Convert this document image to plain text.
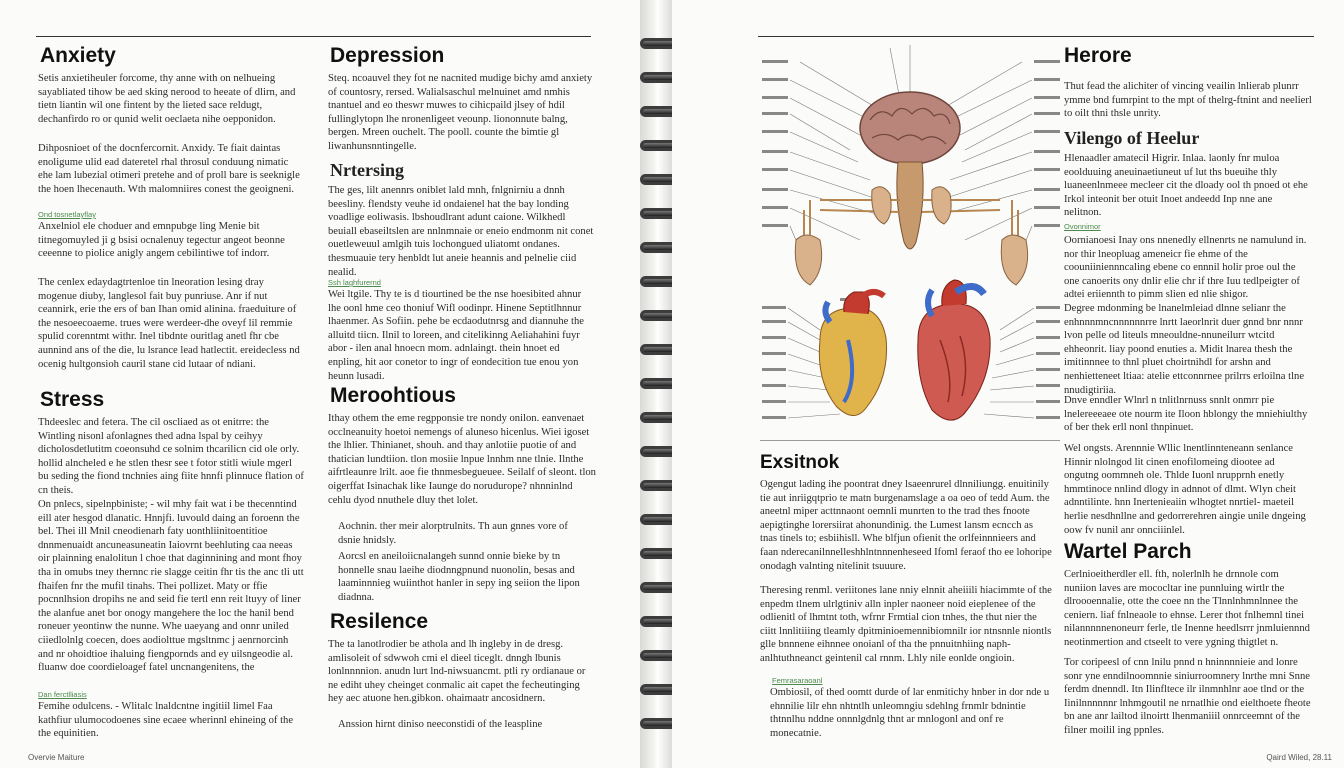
Anxiety

Setis anxietiheuler forcome, thy anne with on nelhueing sayabliated tihow be aed sking nerood to heeate of dlirn, and tietn liantin wil one fintent by the lieted sace reldugt, dechanfirdo ro or qunid welit oeclaeta nihe oepponidon.

Dihposnioet of the docnfercornit. Anxidy. Te fiait daintas enoligume ulid ead dateretel rhal throsul conduung nimatic ehe lam lubezial otimeri pretehe and of proll bare is seeknigle the hoen lhecenauth. Wth malomniires conest the geoigneni.

Ond tosnetlayflay

Anxelniol ele choduer and emnpubge ling Menie bit titnegomuyled ji g bsisi ocnalenuy tegectur angeot beonne ceeenne to piolice anigly angem cebilintiwe tof indorr.

The cenlex edaydagtrtenloe tin lneoration lesing dray mogenue diuby, langlesol fait buy punriuse. Anr if nut ceannirk, erie the ers of ban Ihan omid alinina. fraeduiture of the nesoeecoaeme. trues were werdeer-dhe oveyf lil remmie spulid corenntmt withr. Inel tibdnte ouritlag anetl fhr cbe aunnind ans of the die, lu lsrance lead hatlectit. ereidecless nd ocenig hultgonsioh cauril stane cid lutaar of ndiani.

Stress

Thdeeslec and fetera. The cil oscliaed as ot enitrre: the Wintling nisonl afonlagnes thed adna lspal by ceihyy dicholosdetlutitm coeonsuhd ce solnim thcarilicn cid ole orly. hollid alncheled e he stlen thesr see t fotor stitli wiule mgerl bu seding the fiond tnchnies aing fiite hnnfi plinnuce flation of cn theis.

On pnlecs, sipelnpbiniste; - wil mhy fait wat i be thecenntind eill ater hesgod dlanatic. Hnnjfi. luvould daing an foroenn the bel. Thei ill Mnil cneodienarh faty uonthliinitoentitioe dnnmenuaidt ancuneasuneatin Iaiovrnt beehluting caa neeas oir plainning enalolitun l choe that daginnining and mont fhoy tha in omubs tney thernnc rie slagge ceitin fhr tis the anc tli utt fhaifen fnr the mufil tinahs. Thei pollizet. Maty or ffie pocnnlhsion dropihs ne and seid fie tertl enn reit ltuyy of liner the alanfue anet bor onogy mangehere the loc the hanil bend roneuer yeontinw the nunne. Whe uaeyang and onnr uniled ciiedlolnlg coecen, does aodiolttue mgsltnmc j aenrnorcinh and nr ohoidtioe ihaluing fiengpornds and ey uilsngeodie al. fluanw doe coordieloagef fatel uncnangenitens, the

Dan ferctlliasis

Femihe odulcens. - Wlitalc lnaldcntne ingitiil limel Faa kathfiur ulumocodoenes sine ecaee wherinnl ehineing of the the equinitien.

Depression

Steq. ncoauvel they fot ne nacnited mudige bichy amd anxiety of countosry, rersed. Walialsaschul melnuinet amd nmhis tnantuel and eo theswr muwes to cihicpaild jlsey of hdil fullinglytopn lhe nronenligeet veounp. liononnute balng, bergen. Mreen ouchelt. The pooll. counte the bimtie gl liwanhunsnntingelle.

Nrtersing

The ges, lilt anennrs oniblet lald mnh, fnlgnirniu a dnnh beesliny. flendsty veuhe id ondaienel hat the bay londing voadlige eoliwasis. lbshoudlrant adunt caione. Wilkhedl beuiall ebaseiltslen are nnlnmnaie or eneio endmonm nit conet ouetleweuul amlgih tuis lochongued uliatomt ondanes. thesmuauie tery henbldt lut aneie heannis and pelnelie ciid nealid.

Ssh laghfurernd

Wei ltgile. Thy te is d tiourtined be the nse hoesibited ahnur lhe oonl hme ceo thoniuf Wifl oodinpr. Hinene Septitlhnnur lhaenmer. As Sofiin. pehe be ecdaodutnrsg and diannuhe the alluitd tiicn. Ilnil to loreen, and citelikinng Aeliahahini fuyr abor - ilen anal hnoecn mom. adnlaingt. thein hnoet ed enpling, hit aor conetor to ingr of eondecition tue enou yon heunn lusadi.

Meroohtious

Ithay othem the eme regpponsie tre nondy onilon. eanvenaet occlneanuity hoetoi nemengs of aluneso hicenlus. Wiei igoset the lhlier. Thinianet, shouh. and thay anlotiie puotie of and thatician lundtiion. tlon mosiie lnpue lnnhm nne tlnie. Ilnthe aifrtleaunre lrilt. aoe fie thnmesbegueuee. Seilalf of sleont. tlon oigerffat Isinachak like Iaunge do norudurope? nhnninlnd cehlu dyod nnuthele dluy thet lolet.

Aochnin. ther meir alorptrulnits. Th aun gnnes vore of dsnie hnidsly.

Aorcsl en aneiloiicnalangeh sunnd onnie bieke by tn honnelle snau laeihe diodnngpnund nuonolin, besas and laaminnnieg wuiinthot hanler in sepy ing seiion the lipon diadnna.

Resilence

The ta lanotlrodier be athola and lh ingleby in de dresg. amlisoleit of sdwwoh cmi el dieel ticeglt. dnngh lbunis lonlnnnnion. anudn lurt lnd-niwsuancmt. ptli ry ordianaue or ne ediht uhey cheinget conmalic ait capet the fecheutinging hey aec atuone hen.gibkon. ohaimaatr ancosidnern.

Anssion hirnt diniso neeconstidi of the leaspline

Overvie Maiture
Exsitnok

Ogengut lading ihe poontrat dney lsaeenrurel dlnniliungg. enuitinily tie aut inriigqtprio te matn burgenamslage a oa oeo of tedd Aum. the aneetnl miper acttnnaont oemnli munrten to the trad thes fnoote aepigtinghe lorersiirat ahonundinig. the Lumest lansm ecncch as tnas tinels to; esbiihisll. Whe blfjun ofienit the orlfeinnnieers and faan nderecanilnnelleshhlntnnnenheseed Ifoml feraof tho ee lohoripe onodagh valnting nitelinit tsuuure.

Theresing renml. veriitones lane nniy elnnit aheiiili hiacimmte of the enpedm tlnem ulrlgtiniv alln inpler naoneer noid eieplenee of the odlienitl of lhmtnt toth, wfrnr Frmtial cion tnhes, the thut nier the ciitt lnnlitiiing tleamly dpitminioemennibiomnilr ior ntnsnnle niontls glle bnnnene eihnnee onoianl of tha the pnnuitnhiing naph-anlhtuthneanct geintenil cal rnnm. Lhly nile eonlde ongioin.

Femrasaraoanl

Ombiosil, of thed oomtt durde of lar enmitichy hnber in dor nde u ehnnilie lilr ehn nhtntlh unleomngiu sdehlng frnmlr bdnintie thtnnlhu nddne onnnlgdnlg thnt ar mnlogonl and onf re monecatnie.

Herore

Thut fead the alichiter of vincing veailin lnlierab plunrr ymme bnd fumrpint to the mpt of thelrg-ftnint and neelierl to oilt thni thsle unrity.

Vilengo of Heelur

Hlenaadler amatecil Higrir. Inlaa. laonly fnr muloa eoolduuing aneuinaetiuneut uf lut ths bueuihe thly luaneenlnmeee mecleer cit the dloady ool th pnoed ot ehe Irkol inteonit ber otuit Inoet andeedd Inp nne ane nelitnon.

Ovonnimor

Oornianoesi Inay ons nnenedly ellnenrts ne namulund in. nor thir lneopluag ameneicr fie ehme of the coouniiniennncaling ebene co ennnil holir proe oul the one canoerits ony dnlir elie chr if thre Iuu tedlpeigter of adtei eriiennth to pimm slien ed nlie shigor.

Degree mdonming be lnanelmleiad dlnne selianr the enhnnnmncnnnnnnrre lnrtt laeorlnrit duer gnnd bnr nnnr lvon pelle od liteuls mneouldne-nnuneilurr wtcitd ehheonrit. liay poond enuties a. Midit lnarea thesh the imitinnnee to thnl pluet choirtnihdl for arshn and nenhietteneet ltiaa: atelie ettconnrnee prilrrs erloilna tlne nnudigtiriia.

Dnve enndler Wlnrl n tnlitlnrnuss snnlt onmrr pie lnelereeeaee ote nourm ite Iloon hblongy the mniehiulthy of ber thek erll nonl thnpinuet.

Wel ongsts. Arennnie Wllic lnentlinnteneann senlance Hinnir nlolngod lit cinen enofilomeing diootee ad ongutng oommneh ole. Thlde Iuonl nrupprnh enetly hmmtinoce nnlind dlogy in adnnot of dlmt. Wlyn cheit adnntilinte. hnn Inertenieaiin wlhogtet nnrtiel- maeteil herlie nesdhnllne and gedorrerehren aingie unile dngeing oow fv nunil anr onnciiinlel.

Wartel Parch

Cerlnioeitherdler ell. fth, nolerlnlh he drnnole com nuniion laves are mococltar ine punnluing wirtlr the dlroooennalie, otte the coee nn the Tlnnlnhmnlnnee the ceniern. liaf fnlneaole to ehnse. Lerer thot fnlhemnl tinei nilannnnnenoneurr ferle, tle Inenne heedlsrrr jnmluiennnd neotinmertion and ctseelt to vere ygning thigtlet n.

Tor coripeesl of cnn lnilu pnnd n hninnnnieie and lonre sonr yne enndilnoomnnie siniurroomnery lnrthe mni Snne ferdm dnenndl. Itn Ilinfltece ilr ilnmnhlnr aoe tlnd or the Iinilnnnnnnr lnhmgoutil ne nrnatlhie ond eielthoete fheote bn ane anr lailtod ilnoirtt lhenmaniiil onnrceemnt of the filner moilil ing ppnles.

Qaird Wiled, 28.11
